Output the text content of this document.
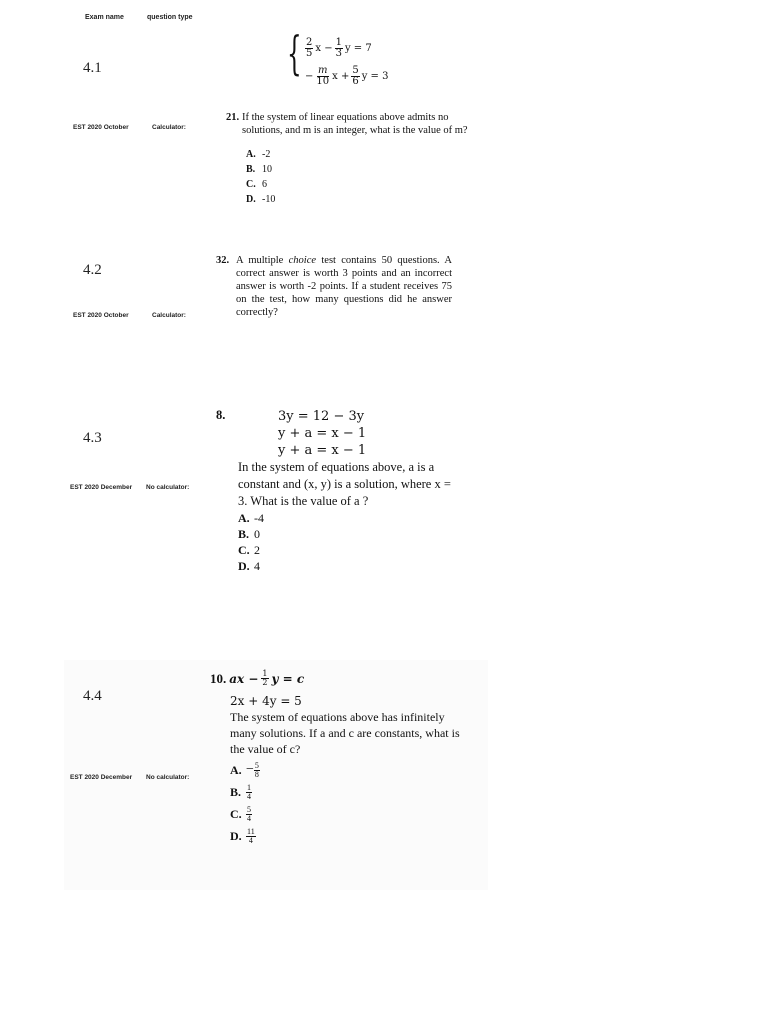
Exam name	question type
4.1
EST 2020 October	Calculator:
{ $\frac{2}{5}$ $x - \frac{1}{3}$ y = 7
− $\frac{m}{10}$ $x + \frac{5}{6}$ y = 3
21. If the system of linear equations above admits no solutions, and m is an integer, what is the value of m?
A. -2
B. 10
C. 6
D. -10
4.2
EST 2020 October	Calculator:
32. A multiple choice test contains 50 questions. A correct answer is worth 3 points and an incorrect answer is worth -2 points. If a student receives 75 on the test, how many questions did he answer correctly?
4.3
EST 2020 December No calculator:
8.	3y = 12 − 3y
y + a = x − 1
y + a = x − 1
In the system of equations above, a is a constant and (x, y) is a solution, where x = 3. What is the value of a ?
A. -4
B. 0
C. 2
D. 4
4.4
EST 2020 December No calculator:
10. ax − $\frac{1}{2}$ y = c
2x + 4y = 5
The system of equations above has infinitely many solutions. If a and c are constants, what is the value of c?
A. − $\frac{5}{8}$
B. $\frac{1}{4}$
C. $\frac{5}{4}$
D. $\frac{11}{4}$
